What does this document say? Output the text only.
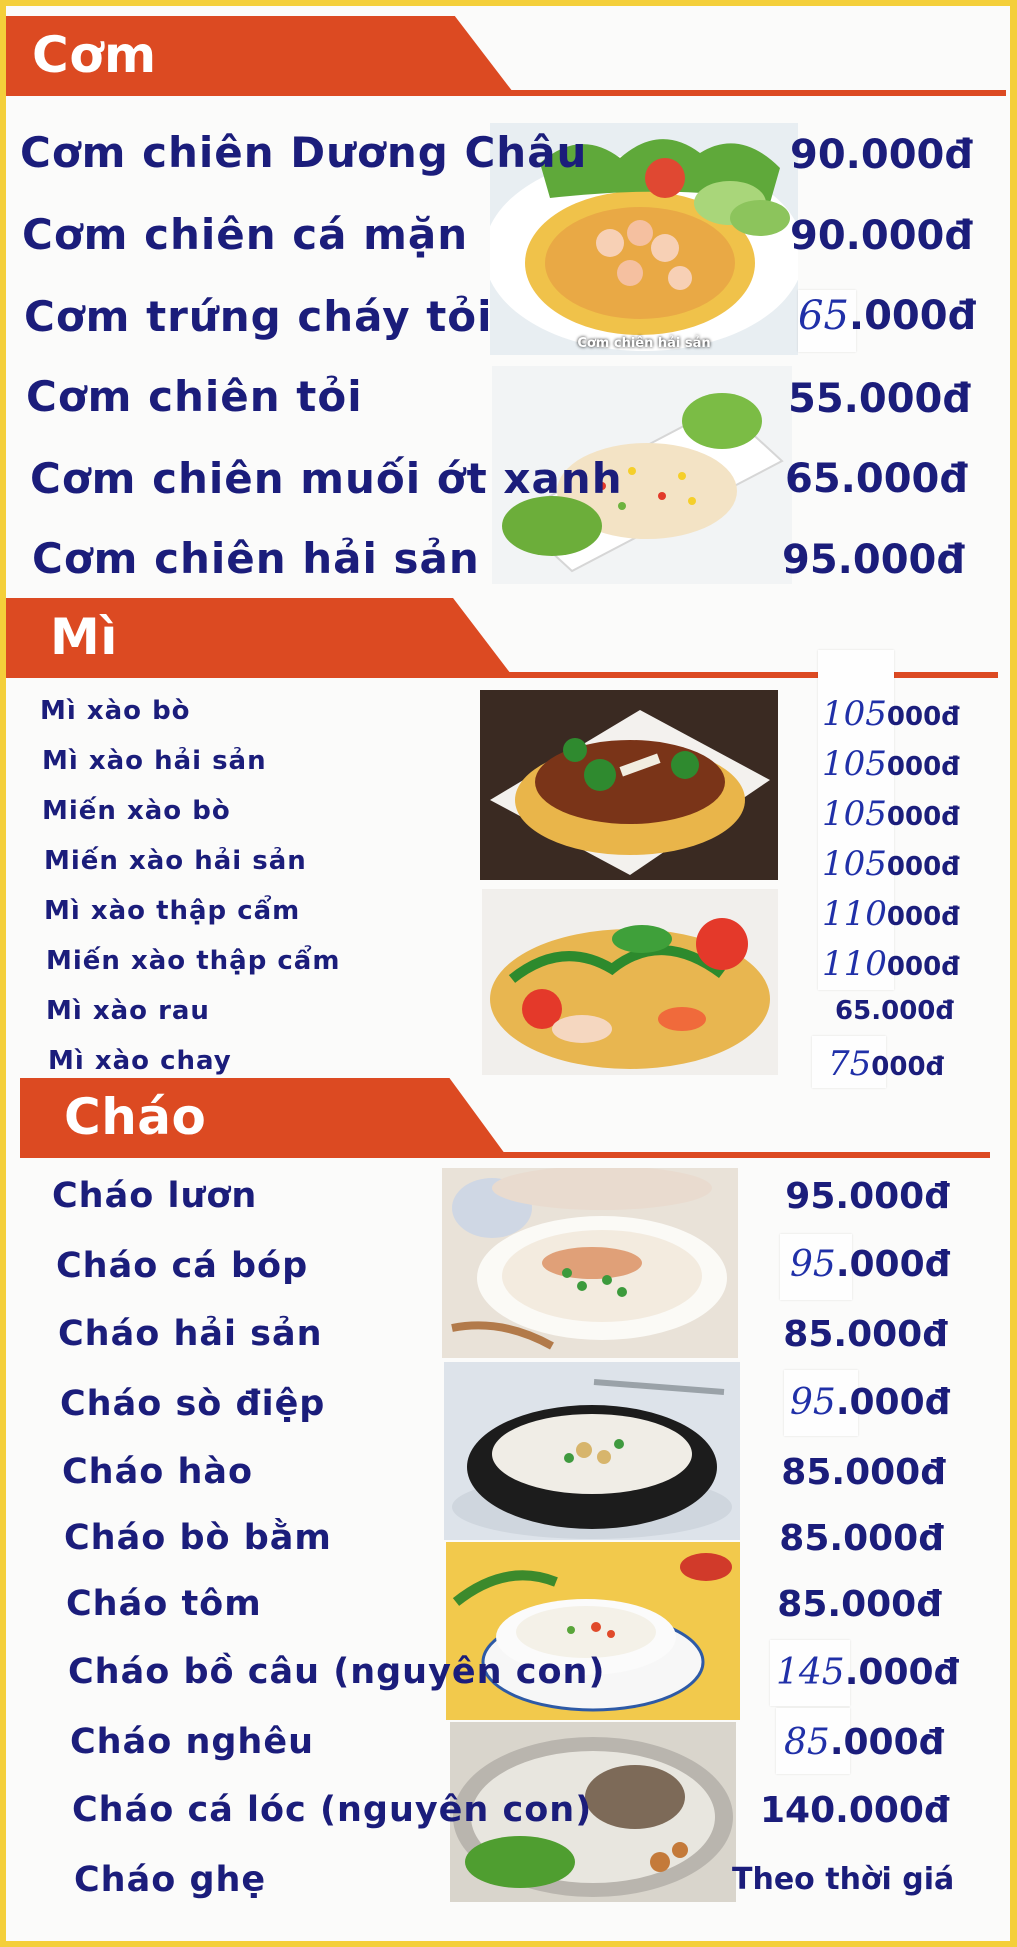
Cơm
Cơm chiên hải sản
Cơm chiên Dương Châu	90.000đ
Cơm chiên cá mặn	90.000đ
Cơm trứng cháy tỏi	65.000đ
Cơm chiên tỏi	55.000đ
Cơm chiên muối ớt xanh	65.000đ
Cơm chiên hải sản	95.000đ
Mì
Mì xào bò	105000đ
Mì xào hải sản	105000đ
Miến xào bò	105000đ
Miến xào hải sản	105000đ
Mì xào thập cẩm	110000đ
Miến xào thập cẩm	110000đ
Mì xào rau	65.000đ
Mì xào chay	75000đ
Cháo
Cháo lươn	95.000đ
Cháo cá bóp	95.000đ
Cháo hải sản	85.000đ
Cháo sò điệp	95.000đ
Cháo hào	85.000đ
Cháo bò bằm	85.000đ
Cháo tôm	85.000đ
Cháo bồ câu (nguyên con)	145.000đ
Cháo nghêu	85.000đ
Cháo cá lóc (nguyên con)	140.000đ
Cháo ghẹ	Theo thời giá
